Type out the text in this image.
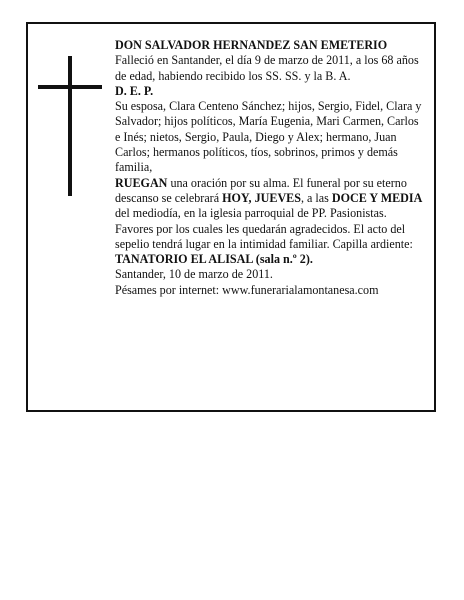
DON SALVADOR HERNANDEZ SAN EMETERIO

Falleció en Santander, el día 9 de marzo de 2011, a los 68 años de edad, habiendo recibido los SS. SS. y la B. A.

D. E. P.

Su esposa, Clara Centeno Sánchez; hijos, Sergio, Fidel, Clara y Salvador; hijos políticos, María Eugenia, Mari Carmen, Carlos e Inés; nietos, Sergio, Paula, Diego y Alex; hermano, Juan Carlos; hermanos políticos, tíos, sobrinos, primos y demás familia,

RUEGAN una oración por su alma. El funeral por su eterno descanso se celebrará HOY, JUEVES, a las DOCE Y MEDIA del mediodía, en la iglesia parroquial de PP. Pasionistas. Favores por los cuales les quedarán agradecidos. El acto del sepelio tendrá lugar en la intimidad familiar. Capilla ardiente:

TANATORIO EL ALISAL (sala n.º 2).

Santander, 10 de marzo de 2011.

Pésames por internet: www.funerarialamontanesa.com
